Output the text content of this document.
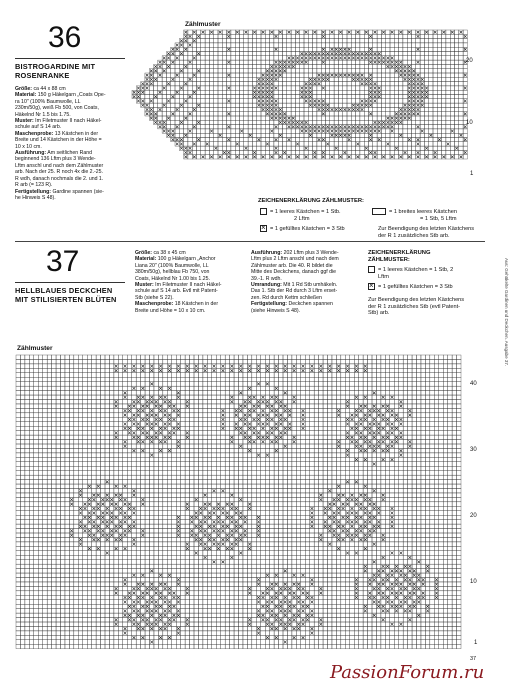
36
BISTROGARDINE MIT
ROSENRANKE
Größe: ca 44 x 88 cm
Material: 150 g Häkelgarn „Coats Ope-
ra 10" (100% Baumwolle, LL
230m/50g), weiß Fb 500, von Coats,
Häkelnd Nr 1.5 bis 1.75.
Muster: Im Filetmuster II nach Häkel-
schule auf S 14 arb.
Maschenprobe: 13 Kästchen in der
Breite und 14 Kästchen in der Höhe =
10 x 10 cm.
Ausführung: Am seitlichen Rand
beginnend 136 Lftm plus 3 Wende-
Lftm anschl und nach dem Zählmuster
arb. Nach der 25. R noch 4x die 2.-25.
R wdh, danach nochmals die 2. und 1.
R arb (= 123 R).
Fertigstellung: Gardine spannen (sie-
he Hinweis S 48).
Zählmuster
20
10
1
ZEICHENERKLÄRUNG ZÄHLMUSTER:
= 1 leeres Kästchen = 1 Stb.
2 Lftm
×= 1 gefülltes Kästchen = 3 Stb
= 1 breites leeres Kästchen
= 1 Stb, 5 Lftm
Zur Beendigung des letzten Kästchens
der R 1 zusätzliches Stb arb.
37
HELLBLAUES DECKCHEN
MIT STILISIERTEN BLÜTEN
Größe: ca 38 x 45 cm
Material: 100 g Häkelgarn „Anchor
Liana 20" (100% Baumwolle, LL
380m/50g), hellblau Fb 750, von
Coats, Häkelnd Nr 1.00 bis 1.25.
Muster: Im Filetmuster II nach Häkel-
schule auf S 14 arb. Evtl mit Patent-
Stb (siehe S 22).
Maschenprobe: 18 Kästchen in der
Breite und Höhe = 10 x 10 cm.
Ausführung: 202 Lftm plus 3 Wende-
Lftm plus 2 Lftm anschl und nach dem
Zählmuster arb. Die 40. R bildet die
Mitte des Deckchens, danach ggf die
39.-1. R wdh.
Umrandung: Mit 1 Rd Stb umhäkeln.
Das 1. Stb der Rd durch 3 Lftm erset-
zen. Rd durch Kettm schließen
Fertigstellung: Deckchen spannen
(siehe Hinweis S 48).
ZEICHENERKLÄRUNG
ZÄHLMUSTER:
= 1 leeres Kästchen = 1 Stb, 2
Lftm
×= 1 gefülltes Kästchen = 3 Stb
Zur Beendigung des letzten Kästchens
der R 1 zusätzliches Stb (evtl Patent-
Stb) arb.	Aus: Gehäkelte Gardinen und Deckchen. Ausgabe 37.
Zählmuster
40
30
20
10
1
37
PassionForum.ru
